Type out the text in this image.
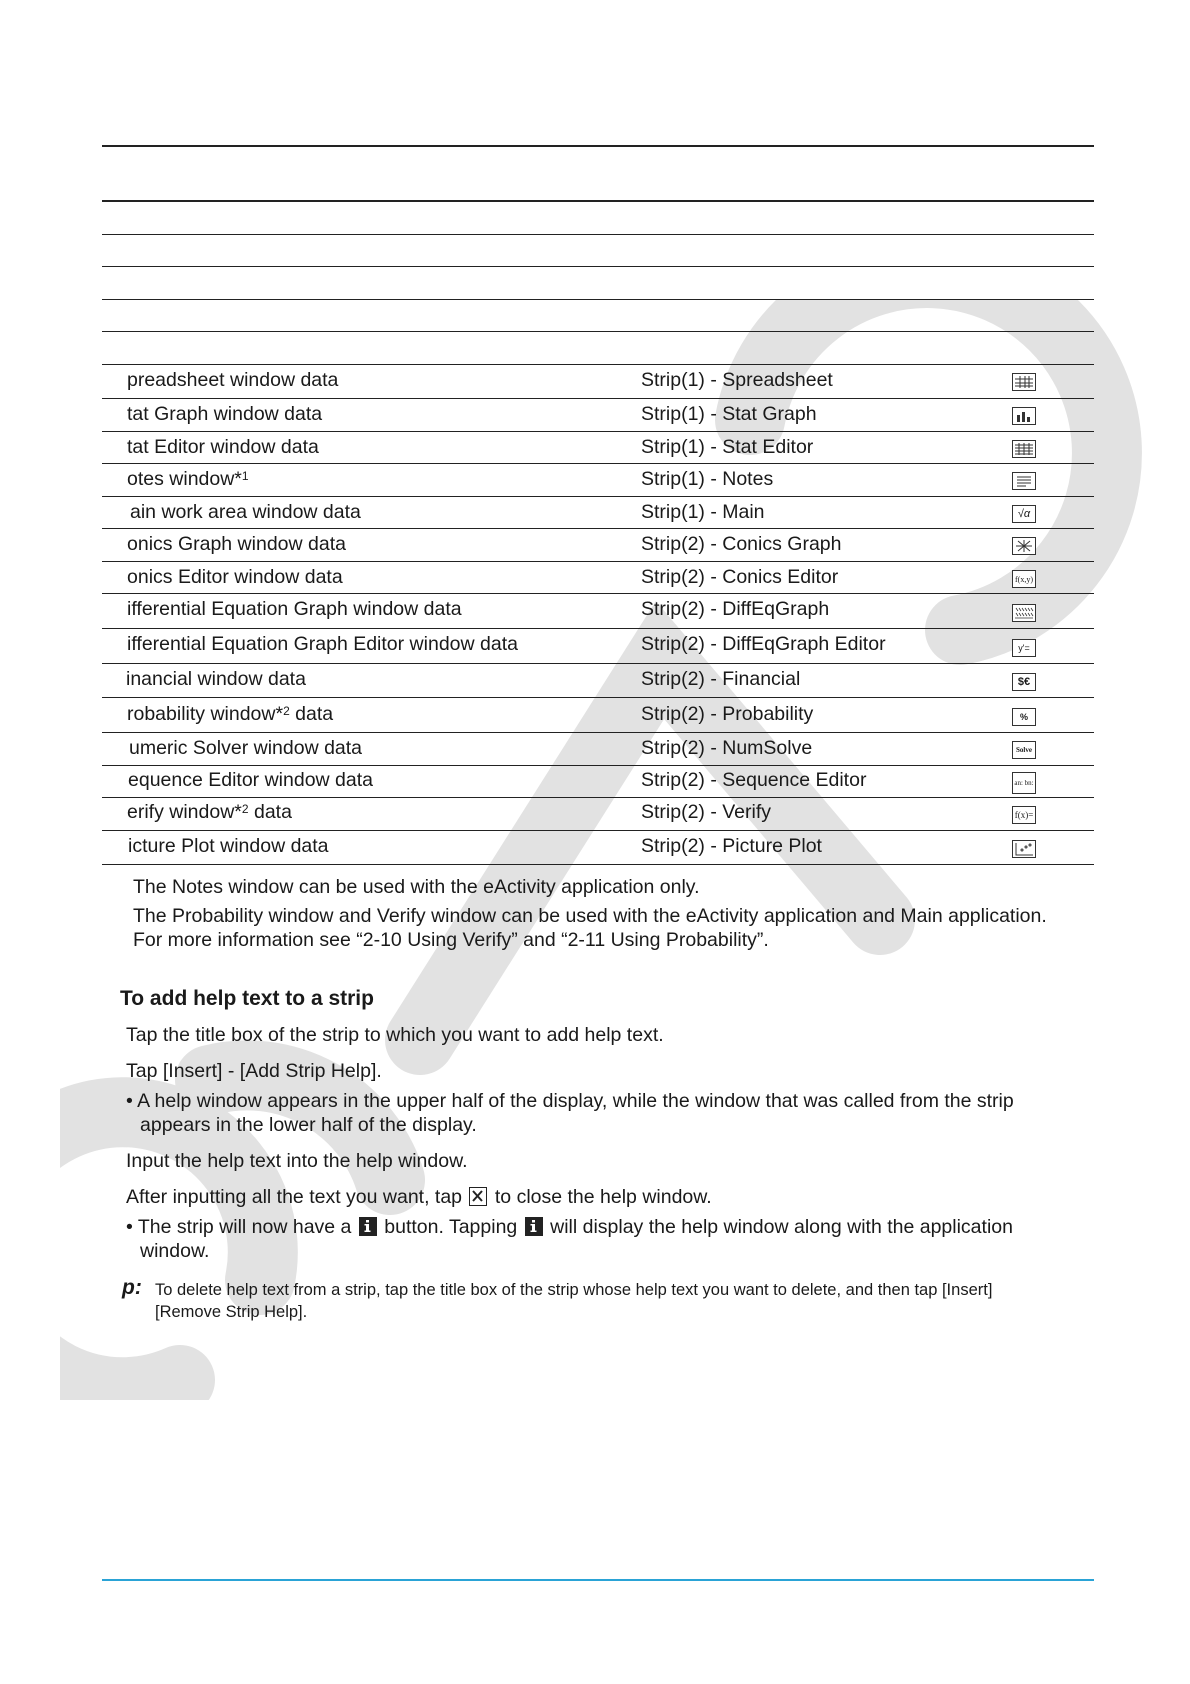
preadsheet window data	Strip(1) - Spreadsheet
tat Graph window data	Strip(1) - Stat Graph
tat Editor window data	Strip(1) - Stat Editor
otes window*$^1$	Strip(1) - Notes
ain work area window data	Strip(1) - Main	√α
onics Graph window data	Strip(2) - Conics Graph
onics Editor window data	Strip(2) - Conics Editor	f(x,y)
ifferential Equation Graph window data	Strip(2) - DiffEqGraph
ifferential Equation Graph Editor window data	Strip(2) - DiffEqGraph Editor	y'=
inancial window data	Strip(2) - Financial	$€
robability window*$^2$ data	Strip(2) - Probability	%
umeric Solver window data	Strip(2) - NumSolve	Solve
equence Editor window data	Strip(2) - Sequence Editor	an: bn:
erify window*$^2$ data	Strip(2) - Verify	f(x)=
icture Plot window data	Strip(2) - Picture Plot
The Notes window can be used with the eActivity application only.
The Probability window and Verify window can be used with the eActivity application and Main application.
For more information see “2-10 Using Verify” and “2-11 Using Probability”.
To add help text to a strip
Tap the title box of the strip to which you want to add help text.
Tap [Insert] - [Add Strip Help].
• A help window appears in the upper half of the display, while the window that was called from the strip
appears in the lower half of the display.
Input the help text into the help window.
After inputting all the text you want, tap to close the help window.
• The strip will now have a button. Tapping will display the help window along with the application
window.
p: To delete help text from a strip, tap the title box of the strip whose help text you want to delete, and then tap [Insert]
[Remove Strip Help].
